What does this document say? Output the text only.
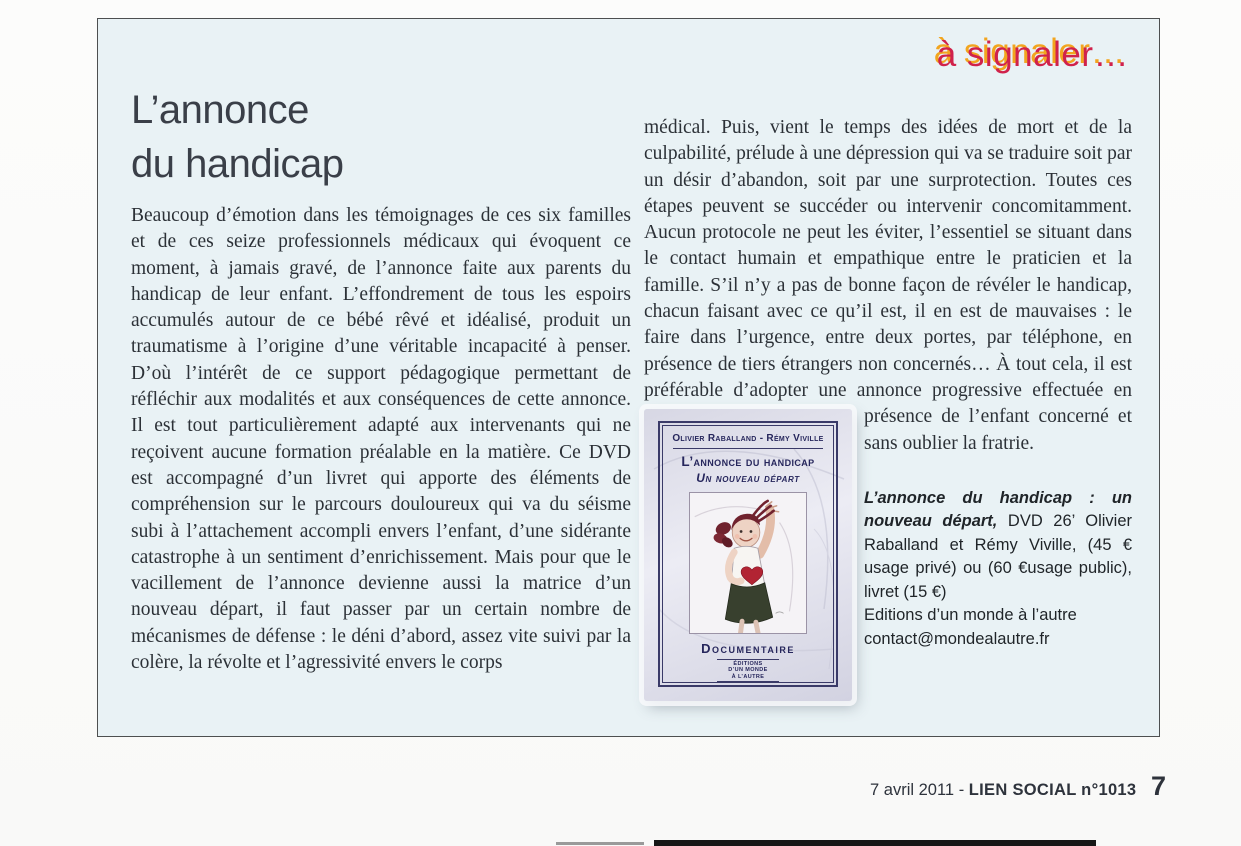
à signaler…
L’annonce
du handicap

Beaucoup d’émotion dans les témoignages de ces six familles et de ces seize professionnels médicaux qui évoquent ce moment, à jamais gravé, de l’annonce faite aux parents du handicap de leur enfant. L’effondrement de tous les espoirs accumulés autour de ce bébé rêvé et idéalisé, produit un traumatisme à l’origine d’une véritable incapacité à penser. D’où l’intérêt de ce support pédagogique permettant de réfléchir aux modalités et aux conséquences de cette annonce. Il est tout particulièrement adapté aux intervenants qui ne reçoivent aucune formation préalable en la matière. Ce DVD est accompagné d’un livret qui apporte des éléments de compréhension sur le parcours douloureux qui va du séisme subi à l’attachement accompli envers l’enfant, d’une sidérante catastrophe à un sentiment d’enrichissement. Mais pour que le vacillement de l’annonce devienne aussi la matrice d’un nouveau départ, il faut passer par un certain nombre de mécanismes de défense : le déni d’abord, assez vite suivi par la colère, la révolte et l’agressivité envers le corps

Olivier Raballand - Rémy Viville
L’annonce du handicap
Un nouveau départ
Documentaire
ÉDITIONS
D’UN MONDE
À L’AUTRE

médical. Puis, vient le temps des idées de mort et de la culpabilité, prélude à une dépression qui va se traduire soit par un désir d’abandon, soit par une surprotection. Toutes ces étapes peuvent se succéder ou intervenir concomitamment. Aucun protocole ne peut les éviter, l’essentiel se situant dans le contact humain et empathique entre le praticien et la famille. S’il n’y a pas de bonne façon de révéler le handicap, chacun faisant avec ce qu’il est, il en est de mauvaises : le faire dans l’urgence, entre deux portes, par téléphone, en présence de tiers étrangers non concernés… À tout cela, il est préférable d’adopter une annonce progressive effectuée en présence de l’enfant concerné et sans oublier la fratrie.

L’annonce du handicap : un nouveau départ, DVD 26’ Olivier Raballand et Rémy Viville, (45 € usage privé) ou (60 €usage public), livret (15 €)

Editions d’un monde à l’autre
contact@mondealautre.fr
7 avril 2011 - LIEN SOCIAL n°1013 7
